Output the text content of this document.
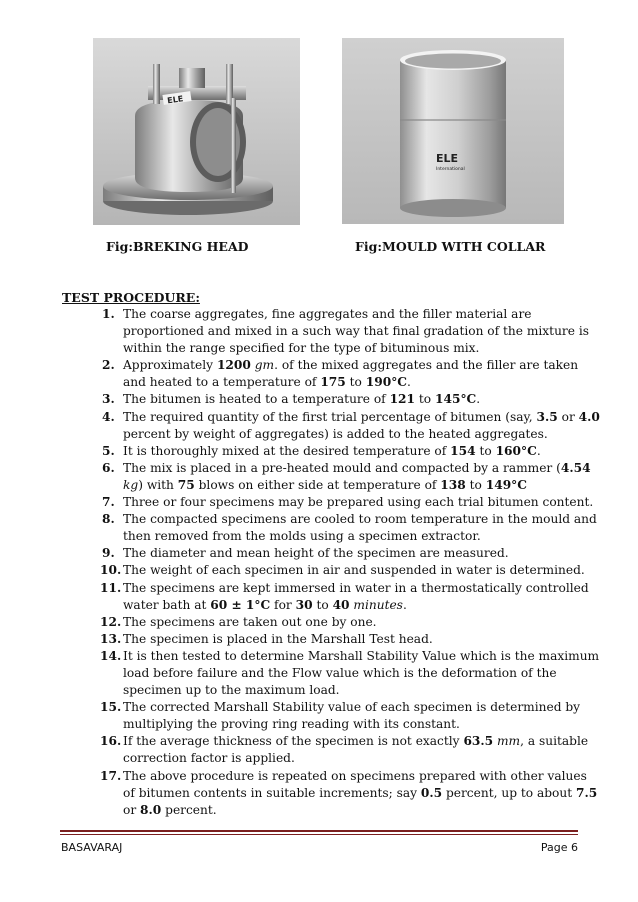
ELE
ELE
International
Fig:BREKING HEAD	Fig:MOULD WITH COLLAR
TEST PROCEDURE:
1. The coarse aggregates, fine aggregates and the filler material are proportioned and mixed in a such way that final gradation of the mixture is within the range specified for the type of bituminous mix.
2. Approximately 1200 gm. of the mixed aggregates and the filler are taken and heated to a temperature of 175 to 190°C.
3. The bitumen is heated to a temperature of 121 to 145°C.
4. The required quantity of the first trial percentage of bitumen (say, 3.5 or 4.0 percent by weight of aggregates) is added to the heated aggregates.
5. It is thoroughly mixed at the desired temperature of 154 to 160°C.
6. The mix is placed in a pre-heated mould and compacted by a rammer (4.54 kg) with 75 blows on either side at temperature of 138 to 149°C
7. Three or four specimens may be prepared using each trial bitumen content.
8. The compacted specimens are cooled to room temperature in the mould and then removed from the molds using a specimen extractor.
9. The diameter and mean height of the specimen are measured.
10. The weight of each specimen in air and suspended in water is determined.
11. The specimens are kept immersed in water in a thermostatically controlled water bath at 60 ± 1°C for 30 to 40 minutes.
12. The specimens are taken out one by one.
13. The specimen is placed in the Marshall Test head.
14. It is then tested to determine Marshall Stability Value which is the maximum load before failure and the Flow value which is the deformation of the specimen up to the maximum load.
15. The corrected Marshall Stability value of each specimen is determined by multiplying the proving ring reading with its constant.
16. If the average thickness of the specimen is not exactly 63.5 mm, a suitable correction factor is applied.
17. The above procedure is repeated on specimens prepared with other values of bitumen contents in suitable increments; say 0.5 percent, up to about 7.5 or 8.0 percent.
BASAVARAJ	Page 6
